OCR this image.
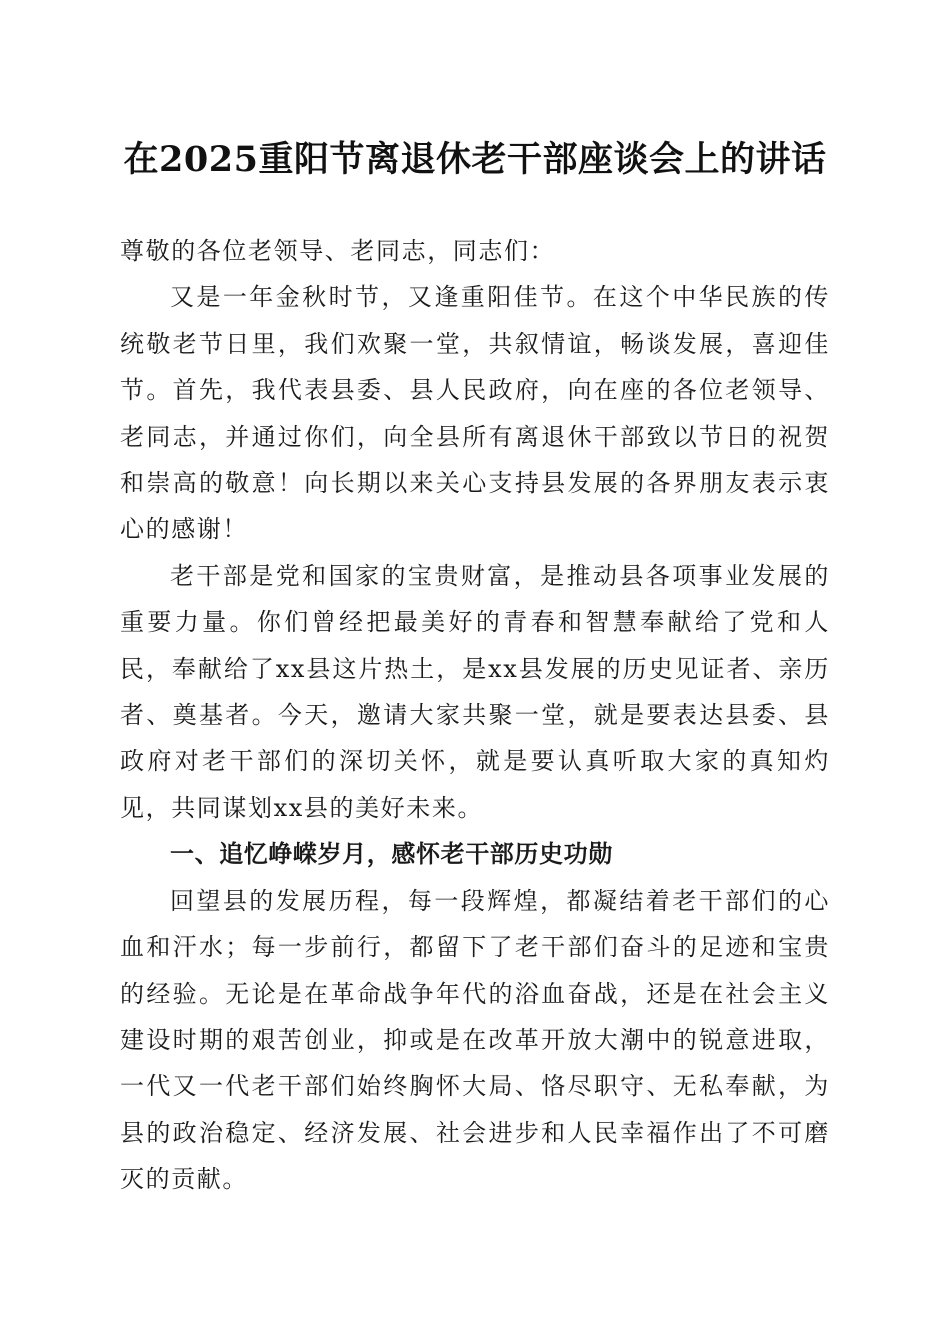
在2025重阳节离退休老干部座谈会上的讲话

尊敬的各位老领导、老同志，同志们：

又是一年金秋时节，又逢重阳佳节。在这个中华民族的传统敬老节日里，我们欢聚一堂，共叙情谊，畅谈发展，喜迎佳节。首先，我代表县委、县人民政府，向在座的各位老领导、老同志，并通过你们，向全县所有离退休干部致以节日的祝贺和崇高的敬意！向长期以来关心支持县发展的各界朋友表示衷心的感谢！

老干部是党和国家的宝贵财富，是推动县各项事业发展的重要力量。你们曾经把最美好的青春和智慧奉献给了党和人民，奉献给了xx县这片热土，是xx县发展的历史见证者、亲历者、奠基者。今天，邀请大家共聚一堂，就是要表达县委、县政府对老干部们的深切关怀，就是要认真听取大家的真知灼见，共同谋划xx县的美好未来。

一、追忆峥嵘岁月，感怀老干部历史功勋

回望县的发展历程，每一段辉煌，都凝结着老干部们的心血和汗水；每一步前行，都留下了老干部们奋斗的足迹和宝贵的经验。无论是在革命战争年代的浴血奋战，还是在社会主义建设时期的艰苦创业，抑或是在改革开放大潮中的锐意进取，一代又一代老干部们始终胸怀大局、恪尽职守、无私奉献，为县的政治稳定、经济发展、社会进步和人民幸福作出了不可磨灭的贡献。
